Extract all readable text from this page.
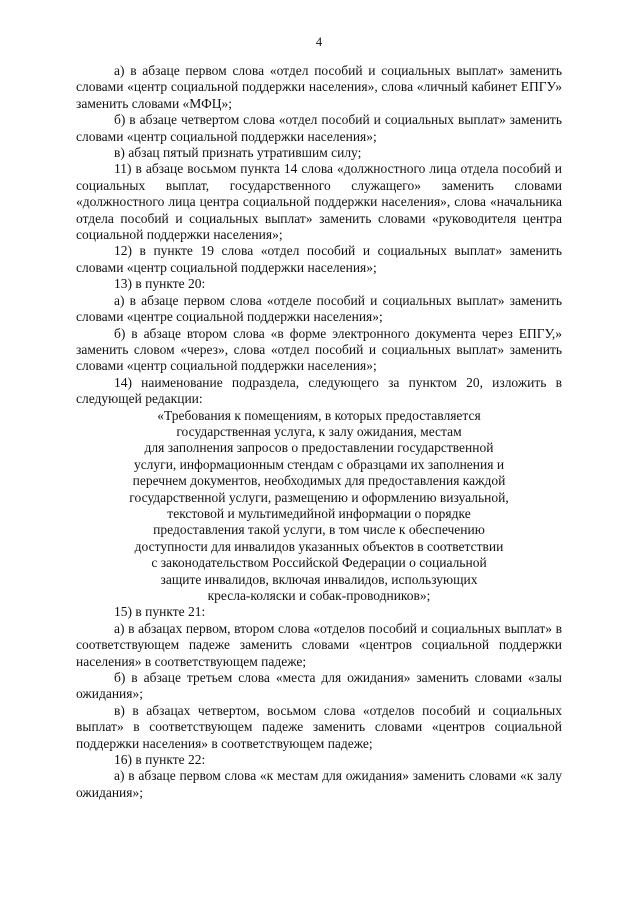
4

а) в абзаце первом слова «отдел пособий и социальных выплат» заменить словами «центр социальной поддержки населения», слова «личный кабинет ЕПГУ» заменить словами «МФЦ»;

б) в абзаце четвертом слова «отдел пособий и социальных выплат» заменить словами «центр социальной поддержки населения»;

в) абзац пятый признать утратившим силу;

11) в абзаце восьмом пункта 14 слова «должностного лица отдела пособий и социальных выплат, государственного служащего» заменить словами «должностного лица центра социальной поддержки населения», слова «начальника отдела пособий и социальных выплат» заменить словами «руководителя центра социальной поддержки населения»;

12) в пункте 19 слова «отдел пособий и социальных выплат» заменить словами «центр социальной поддержки населения»;

13) в пункте 20:

а) в абзаце первом слова «отделе пособий и социальных выплат» заменить словами «центре социальной поддержки населения»;

б) в абзаце втором слова «в форме электронного документа через ЕПГУ,» заменить словом «через», слова «отдел пособий и социальных выплат» заменить словами «центр социальной поддержки населения»;

14) наименование подраздела, следующего за пунктом 20, изложить в следующей редакции:

«Требования к помещениям, в которых предоставляется

государственная услуга, к залу ожидания, местам

для заполнения запросов о предоставлении государственной

услуги, информационным стендам с образцами их заполнения и

перечнем документов, необходимых для предоставления каждой

государственной услуги, размещению и оформлению визуальной,

текстовой и мультимедийной информации о порядке

предоставления такой услуги, в том числе к обеспечению

доступности для инвалидов указанных объектов в соответствии

с законодательством Российской Федерации о социальной

защите инвалидов, включая инвалидов, использующих

кресла-коляски и собак-проводников»;

15) в пункте 21:

а) в абзацах первом, втором слова «отделов пособий и социальных выплат» в соответствующем падеже заменить словами «центров социальной поддержки населения» в соответствующем падеже;

б) в абзаце третьем слова «места для ожидания» заменить словами «залы ожидания»;

в) в абзацах четвертом, восьмом слова «отделов пособий и социальных выплат» в соответствующем падеже заменить словами «центров социальной поддержки населения» в соответствующем падеже;

16) в пункте 22:

а) в абзаце первом слова «к местам для ожидания» заменить словами «к залу ожидания»;
